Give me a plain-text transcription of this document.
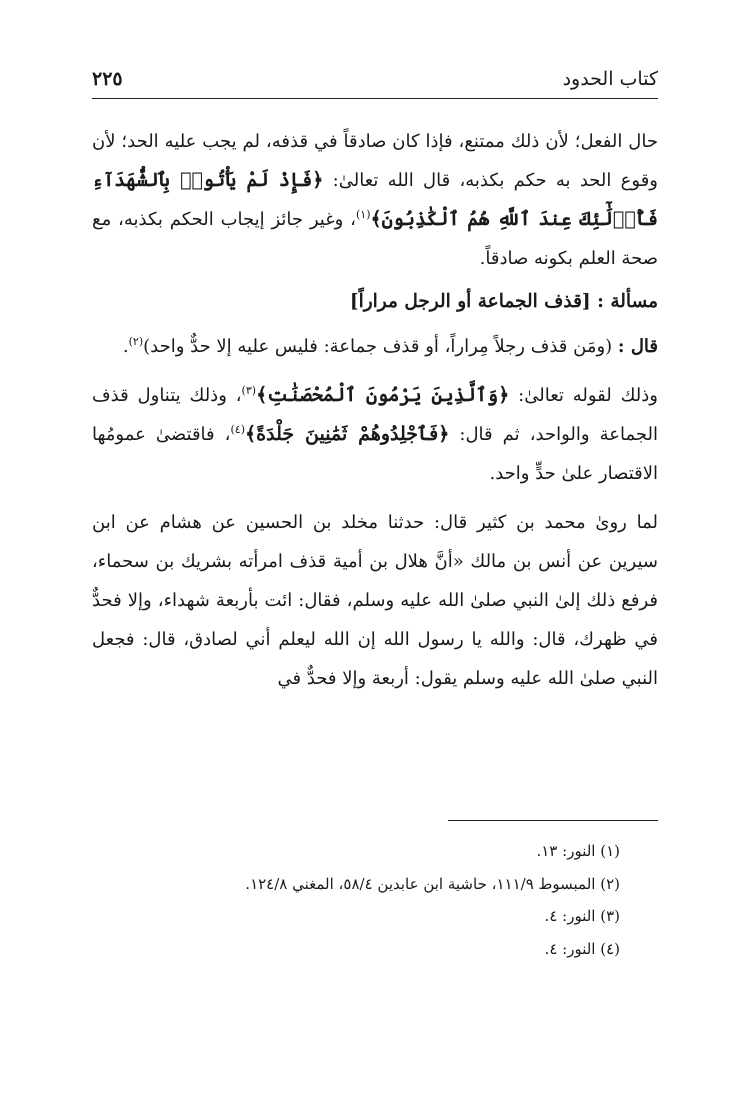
كتاب الحدود
٢٢٥

حال الفعل؛ لأن ذلك ممتنع، فإذا كان صادقاً في قذفه، لم يجب عليه الحد؛ لأن وقوع الحد به حكم بكذبه، قال الله تعالىٰ: ﴿فَإِذْ لَمْ يَأْتُوا۟ بِٱلشُّهَدَآءِ فَأُو۟لَٰٓئِكَ عِندَ ٱللَّهِ هُمُ ٱلْكَٰذِبُونَ﴾$^{(١)}$، وغير جائز إيجاب الحكم بكذبه، مع صحة العلم بكونه صادقاً.

مسألة : [قذف الجماعة أو الرجل مراراً]

قال : (ومَن قذف رجلاً مِراراً، أو قذف جماعة: فليس عليه إلا حدٌّ واحد)$^{(٢)}$.

وذلك لقوله تعالىٰ: ﴿وَٱلَّذِينَ يَرْمُونَ ٱلْمُحْصَنَٰتِ﴾$^{(٣)}$، وذلك يتناول قذف الجماعة والواحد، ثم قال: ﴿فَٱجْلِدُوهُمْ ثَمَٰنِينَ جَلْدَةً﴾$^{(٤)}$، فاقتضىٰ عمومُها الاقتصار علىٰ حدٍّ واحد.

لما روىٰ محمد بن كثير قال: حدثنا مخلد بن الحسين عن هشام عن ابن سيرين عن أنس بن مالك «أنَّ هلال بن أمية قذف امرأته بشريك بن سحماء، فرفع ذلك إلىٰ النبي صلىٰ الله عليه وسلم، فقال: ائت بأربعة شهداء، وإلا فحدٌّ في ظهرك، قال: والله يا رسول الله إن الله ليعلم أني لصادق، قال: فجعل النبي صلىٰ الله عليه وسلم يقول: أربعة وإلا فحدٌّ في

(١) النور: ١٣.
(٢) المبسوط ١١١/٩، حاشية ابن عابدين ٥٨/٤، المغني ١٢٤/٨.
(٣) النور: ٤.
(٤) النور: ٤.
